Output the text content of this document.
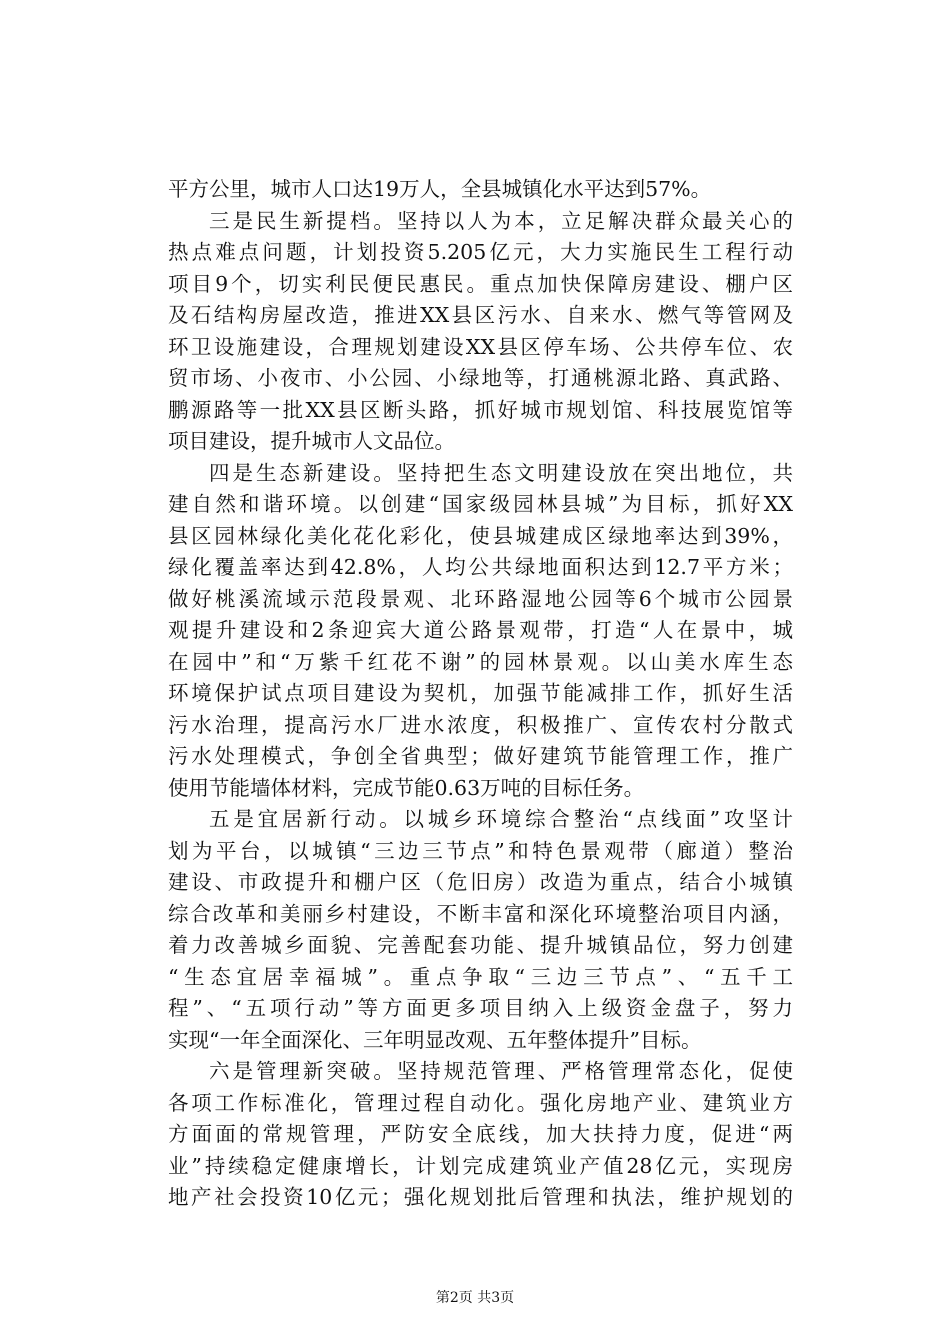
平方公里，城市人口达19万人，全县城镇化水平达到57%。
三是民生新提档。坚持以人为本，立足解决群众最关心的
热点难点问题，计划投资5.205亿元，大力实施民生工程行动
项目9个，切实利民便民惠民。重点加快保障房建设、棚户区
及石结构房屋改造，推进XX县区污水、自来水、燃气等管网及
环卫设施建设，合理规划建设XX县区停车场、公共停车位、农
贸市场、小夜市、小公园、小绿地等，打通桃源北路、真武路、
鹏源路等一批XX县区断头路，抓好城市规划馆、科技展览馆等
项目建设，提升城市人文品位。
四是生态新建设。坚持把生态文明建设放在突出地位，共
建自然和谐环境。以创建“国家级园林县城”为目标，抓好XX
县区园林绿化美化花化彩化，使县城建成区绿地率达到39%，
绿化覆盖率达到42.8%，人均公共绿地面积达到12.7平方米；
做好桃溪流域示范段景观、北环路湿地公园等6个城市公园景
观提升建设和2条迎宾大道公路景观带，打造“人在景中，城
在园中”和“万紫千红花不谢”的园林景观。以山美水库生态
环境保护试点项目建设为契机，加强节能减排工作，抓好生活
污水治理，提高污水厂进水浓度，积极推广、宣传农村分散式
污水处理模式，争创全省典型；做好建筑节能管理工作，推广
使用节能墙体材料，完成节能0.63万吨的目标任务。
五是宜居新行动。以城乡环境综合整治“点线面”攻坚计
划为平台，以城镇“三边三节点”和特色景观带（廊道）整治
建设、市政提升和棚户区（危旧房）改造为重点，结合小城镇
综合改革和美丽乡村建设，不断丰富和深化环境整治项目内涵，
着力改善城乡面貌、完善配套功能、提升城镇品位，努力创建
“生态宜居幸福城”。重点争取“三边三节点”、“五千工
程”、“五项行动”等方面更多项目纳入上级资金盘子，努力
实现“一年全面深化、三年明显改观、五年整体提升”目标。
六是管理新突破。坚持规范管理、严格管理常态化，促使
各项工作标准化，管理过程自动化。强化房地产业、建筑业方
方面面的常规管理，严防安全底线，加大扶持力度，促进“两
业”持续稳定健康增长，计划完成建筑业产值28亿元，实现房
地产社会投资10亿元；强化规划批后管理和执法，维护规划的
第2页 共3页
